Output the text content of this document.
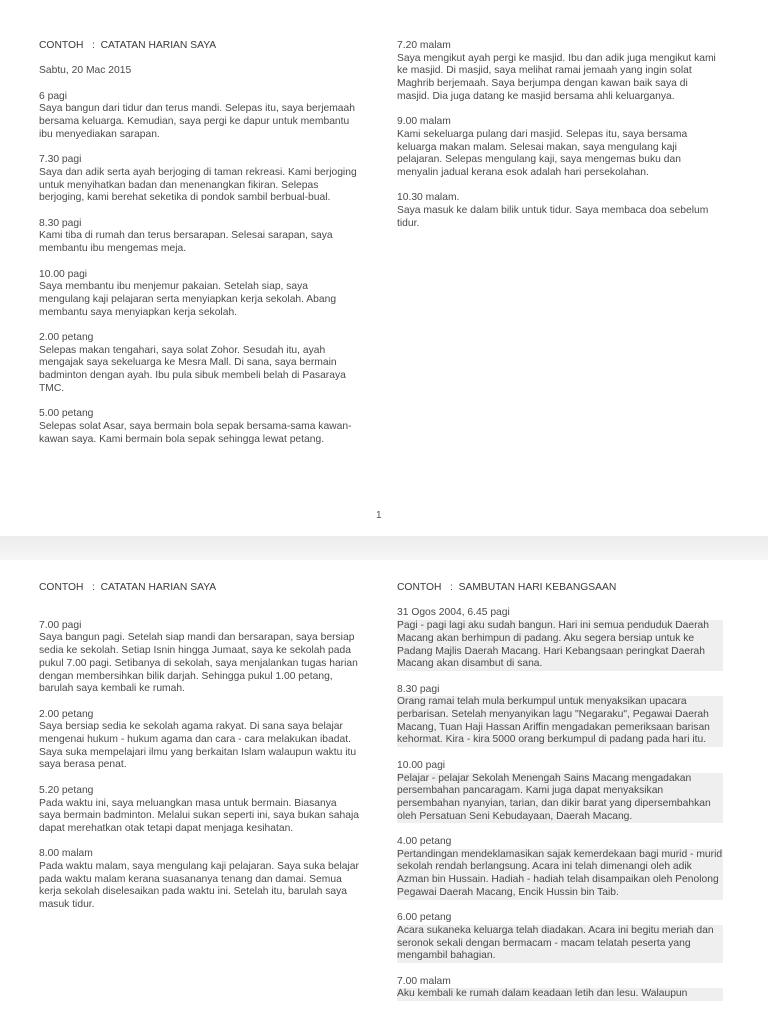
CONTOH   :  CATATAN HARIAN SAYA

Sabtu, 20 Mac 2015

6 pagi
Saya bangun dari tidur dan terus mandi. Selepas itu, saya berjemaah bersama keluarga. Kemudian, saya pergi ke dapur untuk membantu ibu menyediakan sarapan.
7.30 pagi
Saya dan adik serta ayah berjoging di taman rekreasi. Kami berjoging untuk menyihatkan badan dan menenangkan fikiran. Selepas berjoging, kami berehat seketika di pondok sambil berbual-bual.
8.30 pagi
Kami tiba di rumah dan terus bersarapan. Selesai sarapan, saya membantu ibu mengemas meja.
10.00 pagi
Saya membantu ibu menjemur pakaian. Setelah siap, saya mengulang kaji pelajaran serta menyiapkan kerja sekolah. Abang membantu saya menyiapkan kerja sekolah.
2.00 petang
Selepas makan tengahari, saya solat Zohor. Sesudah itu, ayah mengajak saya sekeluarga ke Mesra Mall. Di sana, saya bermain badminton dengan ayah. Ibu pula sibuk membeli belah di Pasaraya TMC.
5.00 petang
Selepas solat Asar, saya bermain bola sepak bersama-sama kawan-kawan saya. Kami bermain bola sepak sehingga lewat petang.
7.20 malam
Saya mengikut ayah pergi ke masjid. Ibu dan adik juga mengikut kami ke masjid. Di masjid, saya melihat ramai jemaah yang ingin solat Maghrib berjemaah. Saya berjumpa dengan kawan baik saya di masjid. Dia juga datang ke masjid bersama ahli keluarganya.
9.00 malam
Kami sekeluarga pulang dari masjid. Selepas itu, saya bersama keluarga makan malam. Selesai makan, saya mengulang kaji pelajaran. Selepas mengulang kaji, saya mengemas buku dan menyalin jadual kerana esok adalah hari persekolahan.
10.30 malam.
Saya masuk ke dalam bilik untuk tidur. Saya membaca doa sebelum tidur.
1

CONTOH   :  CATATAN HARIAN SAYA

7.00 pagi
Saya bangun pagi. Setelah siap mandi dan bersarapan, saya bersiap sedia ke sekolah. Setiap Isnin hingga Jumaat, saya ke sekolah pada pukul 7.00 pagi. Setibanya di sekolah, saya menjalankan tugas harian dengan membersihkan bilik darjah. Sehingga pukul 1.00 petang, barulah saya kembali ke rumah.
2.00 petang
Saya bersiap sedia ke sekolah agama rakyat. Di sana saya belajar mengenai hukum - hukum agama dan cara - cara melakukan ibadat. Saya suka mempelajari ilmu yang berkaitan Islam walaupun waktu itu saya berasa penat.
5.20 petang
Pada waktu ini, saya meluangkan masa untuk bermain. Biasanya saya bermain badminton. Melalui sukan seperti ini, saya bukan sahaja dapat merehatkan otak tetapi dapat menjaga kesihatan.
8.00 malam
Pada waktu malam, saya mengulang kaji pelajaran. Saya suka belajar pada waktu malam kerana suasananya tenang dan damai. Semua kerja sekolah diselesaikan pada waktu ini. Setelah itu, barulah saya masuk tidur.

CONTOH   :  SAMBUTAN HARI KEBANGSAAN

31 Ogos 2004, 6.45 pagi
Pagi - pagi lagi aku sudah bangun. Hari ini semua penduduk Daerah Macang akan berhimpun di padang. Aku segera bersiap untuk ke Padang Majlis Daerah Macang. Hari Kebangsaan peringkat Daerah Macang akan disambut di sana.
8.30 pagi
Orang ramai telah mula berkumpul untuk menyaksikan upacara perbarisan. Setelah menyanyikan lagu "Negaraku", Pegawai Daerah Macang, Tuan Haji Hassan Ariffin mengadakan pemeriksaan barisan kehormat. Kira - kira 5000 orang berkumpul di padang pada hari itu.
10.00 pagi
Pelajar - pelajar Sekolah Menengah Sains Macang mengadakan persembahan pancaragam. Kami juga dapat menyaksikan persembahan nyanyian, tarian, dan dikir barat yang dipersembahkan oleh Persatuan Seni Kebudayaan, Daerah Macang.
4.00 petang
Pertandingan mendeklamasikan sajak kemerdekaan bagi murid - murid sekolah rendah berlangsung. Acara ini telah dimenangi oleh adik Azman bin Hussain. Hadiah - hadiah telah disampaikan oleh Penolong Pegawai Daerah Macang, Encik Hussin bin Taib.
6.00 petang
Acara sukaneka keluarga telah diadakan. Acara ini begitu meriah dan seronok sekali dengan bermacam - macam telatah peserta yang mengambil bahagian.
7.00 malam
Aku kembali ke rumah dalam keadaan letih dan lesu. Walaupun
